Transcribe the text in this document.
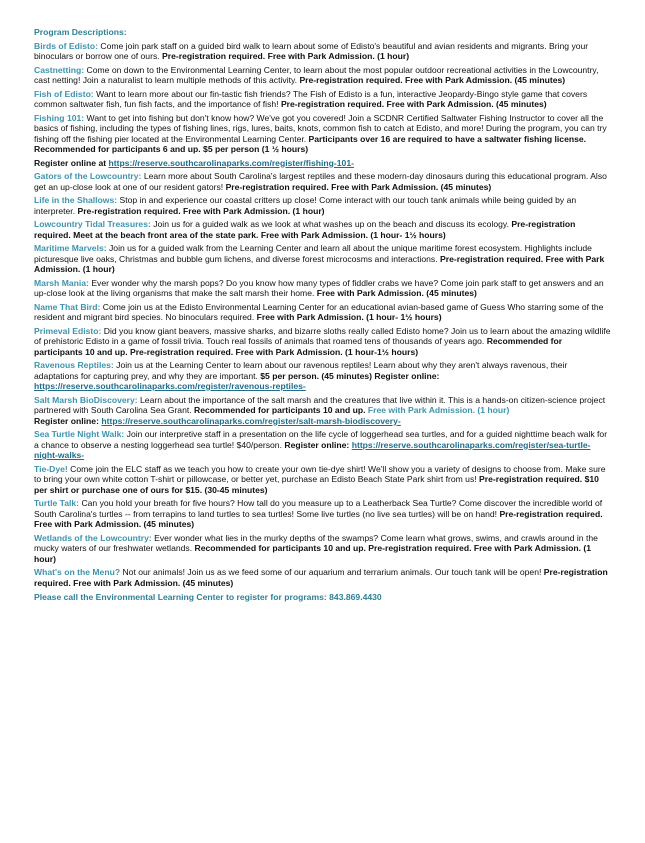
Program Descriptions:
Birds of Edisto: Come join park staff on a guided bird walk to learn about some of Edisto's beautiful and avian residents and migrants. Bring your binoculars or borrow one of ours. Pre-registration required. Free with Park Admission. (1 hour)
Castnetting: Come on down to the Environmental Learning Center, to learn about the most popular outdoor recreational activities in the Lowcountry, cast netting! Join a naturalist to learn multiple methods of this activity. Pre-registration required. Free with Park Admission. (45 minutes)
Fish of Edisto: Want to learn more about our fin-tastic fish friends? The Fish of Edisto is a fun, interactive Jeopardy-Bingo style game that covers common saltwater fish, fun fish facts, and the importance of fish! Pre-registration required. Free with Park Admission. (45 minutes)
Fishing 101: Want to get into fishing but don't know how? We've got you covered! Join a SCDNR Certified Saltwater Fishing Instructor to cover all the basics of fishing, including the types of fishing lines, rigs, lures, baits, knots, common fish to catch at Edisto, and more! During the program, you can try fishing off the fishing pier located at the Environmental Learning Center. Participants over 16 are required to have a saltwater fishing license. Recommended for participants 6 and up. $5 per person (1 ½ hours)
Register online at https://reserve.southcarolinaparks.com/register/fishing-101-
Gators of the Lowcountry: Learn more about South Carolina's largest reptiles and these modern-day dinosaurs during this educational program. Also get an up-close look at one of our resident gators! Pre-registration required. Free with Park Admission. (45 minutes)
Life in the Shallows: Stop in and experience our coastal critters up close! Come interact with our touch tank animals while being guided by an interpreter. Pre-registration required. Free with Park Admission. (1 hour)
Lowcountry Tidal Treasures: Join us for a guided walk as we look at what washes up on the beach and discuss its ecology. Pre-registration required. Meet at the beach front area of the state park. Free with Park Admission. (1 hour- 1½ hours)
Maritime Marvels: Join us for a guided walk from the Learning Center and learn all about the unique maritime forest ecosystem. Highlights include picturesque live oaks, Christmas and bubble gum lichens, and diverse forest microcosms and interactions. Pre-registration required. Free with Park Admission. (1 hour)
Marsh Mania: Ever wonder why the marsh pops? Do you know how many types of fiddler crabs we have? Come join park staff to get answers and an up-close look at the living organisms that make the salt marsh their home. Free with Park Admission. (45 minutes)
Name That Bird: Come join us at the Edisto Environmental Learning Center for an educational avian-based game of Guess Who starring some of the resident and migrant bird species. No binoculars required. Free with Park Admission. (1 hour- 1½ hours)
Primeval Edisto: Did you know giant beavers, massive sharks, and bizarre sloths really called Edisto home? Join us to learn about the amazing wildlife of prehistoric Edisto in a game of fossil trivia. Touch real fossils of animals that roamed tens of thousands of years ago. Recommended for participants 10 and up. Pre-registration required. Free with Park Admission. (1 hour-1½ hours)
Ravenous Reptiles: Join us at the Learning Center to learn about our ravenous reptiles! Learn about why they aren't always ravenous, their adaptations for capturing prey, and why they are important. $5 per person. (45 minutes) Register online: https://reserve.southcarolinaparks.com/register/ravenous-reptiles-
Salt Marsh BioDiscovery: Learn about the importance of the salt marsh and the creatures that live within it. This is a hands-on citizen-science project partnered with South Carolina Sea Grant. Recommended for participants 10 and up. Free with Park Admission. (1 hour)
Register online: https://reserve.southcarolinaparks.com/register/salt-marsh-biodiscovery-
Sea Turtle Night Walk: Join our interpretive staff in a presentation on the life cycle of loggerhead sea turtles, and for a guided nighttime beach walk for a chance to observe a nesting loggerhead sea turtle! $40/person. Register online: https://reserve.southcarolinaparks.com/register/sea-turtle-night-walks-
Tie-Dye! Come join the ELC staff as we teach you how to create your own tie-dye shirt! We'll show you a variety of designs to choose from. Make sure to bring your own white cotton T-shirt or pillowcase, or better yet, purchase an Edisto Beach State Park shirt from us! Pre-registration required. $10 per shirt or purchase one of ours for $15. (30-45 minutes)
Turtle Talk: Can you hold your breath for five hours? How tall do you measure up to a Leatherback Sea Turtle? Come discover the incredible world of South Carolina's turtles -- from terrapins to land turtles to sea turtles! Some live turtles (no live sea turtles) will be on hand! Pre-registration required. Free with Park Admission. (45 minutes)
Wetlands of the Lowcountry: Ever wonder what lies in the murky depths of the swamps? Come learn what grows, swims, and crawls around in the mucky waters of our freshwater wetlands. Recommended for participants 10 and up. Pre-registration required. Free with Park Admission. (1 hour)
What's on the Menu? Not our animals! Join us as we feed some of our aquarium and terrarium animals. Our touch tank will be open! Pre-registration required. Free with Park Admission. (45 minutes)
Please call the Environmental Learning Center to register for programs: 843.869.4430
